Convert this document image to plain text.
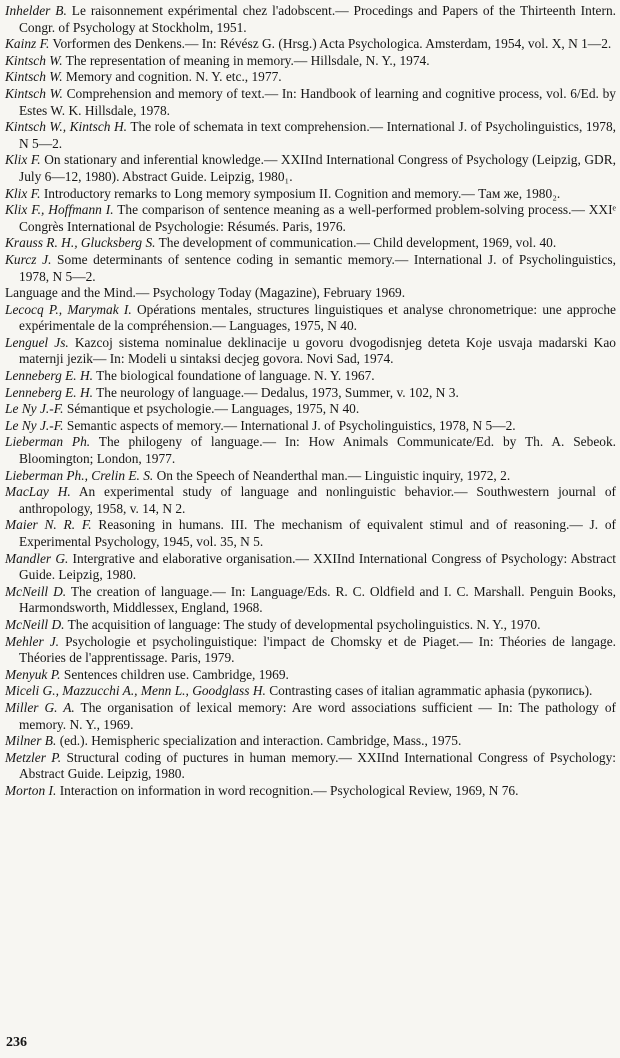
Inhelder B. Le raisonnement expérimental chez l'adobscent.— Procedings and Papers of the Thirteenth Intern. Congr. of Psychology at Stockholm, 1951.

Kainz F. Vorformen des Denkens.— In: Révész G. (Hrsg.) Acta Psychologica. Amsterdam, 1954, vol. X, N 1—2.

Kintsch W. The representation of meaning in memory.— Hillsdale, N. Y., 1974.

Kintsch W. Memory and cognition. N. Y. etc., 1977.

Kintsch W. Comprehension and memory of text.— In: Handbook of learning and cognitive process, vol. 6/Ed. by Estes W. K. Hillsdale, 1978.

Kintsch W., Kintsch H. The role of schemata in text comprehension.— International J. of Psycholinguistics, 1978, N 5—2.

Klix F. On stationary and inferential knowledge.— XXIInd International Congress of Psychology (Leipzig, GDR, July 6—12, 1980). Abstract Guide. Leipzig, 1980₁.

Klix F. Introductory remarks to Long memory symposium II. Cognition and memory.— Там же, 1980₂.

Klix F., Hoffmann I. The comparison of sentence meaning as a well-performed problem-solving process.— XXIᵉ Congrès International de Psychologie: Résumés. Paris, 1976.

Krauss R. H., Glucksberg S. The development of communication.— Child development, 1969, vol. 40.

Kurcz J. Some determinants of sentence coding in semantic memory.— International J. of Psycholinguistics, 1978, N 5—2.

Language and the Mind.— Psychology Today (Magazine), February 1969.

Lecocq P., Marymak I. Opérations mentales, structures linguistiques et analyse chronometrique: une approche expérimentale de la compréhension.— Languages, 1975, N 40.

Lenguel Js. Kazcoj sistema nominalue deklinacije u govoru dvogodisnjeg deteta Koje usvaja madarski Kao maternji jezik— In: Modeli u sintaksi decjeg govora. Novi Sad, 1974.

Lenneberg E. H. The biological foundatione of language. N. Y. 1967.

Lenneberg E. H. The neurology of language.— Dedalus, 1973, Summer, v. 102, N 3.

Le Ny J.-F. Sémantique et psychologie.— Languages, 1975, N 40.

Le Ny J.-F. Semantic aspects of memory.— International J. of Psycholinguistics, 1978, N 5—2.

Lieberman Ph. The philogeny of language.— In: How Animals Communicate/Ed. by Th. A. Sebeok. Bloomington; London, 1977.

Lieberman Ph., Crelin E. S. On the Speech of Neanderthal man.— Linguistic inquiry, 1972, 2.

MacLay H. An experimental study of language and nonlinguistic behavior.— Southwestern journal of anthropology, 1958, v. 14, N 2.

Maier N. R. F. Reasoning in humans. III. The mechanism of equivalent stimul and of reasoning.— J. of Experimental Psychology, 1945, vol. 35, N 5.

Mandler G. Intergrative and elaborative organisation.— XXIInd International Congress of Psychology: Abstract Guide. Leipzig, 1980.

McNeill D. The creation of language.— In: Language/Eds. R. C. Oldfield and I. C. Marshall. Penguin Books, Harmondsworth, Middlessex, England, 1968.

McNeill D. The acquisition of language: The study of developmental psycholinguistics. N. Y., 1970.

Mehler J. Psychologie et psycholinguistique: l'impact de Chomsky et de Piaget.— In: Théories de langage. Théories de l'apprentissage. Paris, 1979.

Menyuk P. Sentences children use. Cambridge, 1969.

Miceli G., Mazzucchi A., Menn L., Goodglass H. Contrasting cases of italian agrammatic aphasia (рукопись).

Miller G. A. The organisation of lexical memory: Are word associations sufficient — In: The pathology of memory. N. Y., 1969.

Milner B. (ed.). Hemispheric specialization and interaction. Cambridge, Mass., 1975.

Metzler P. Structural coding of puctures in human memory.— XXIInd International Congress of Psychology: Abstract Guide. Leipzig, 1980.

Morton I. Interaction on information in word recognition.— Psychological Review, 1969, N 76.

236
